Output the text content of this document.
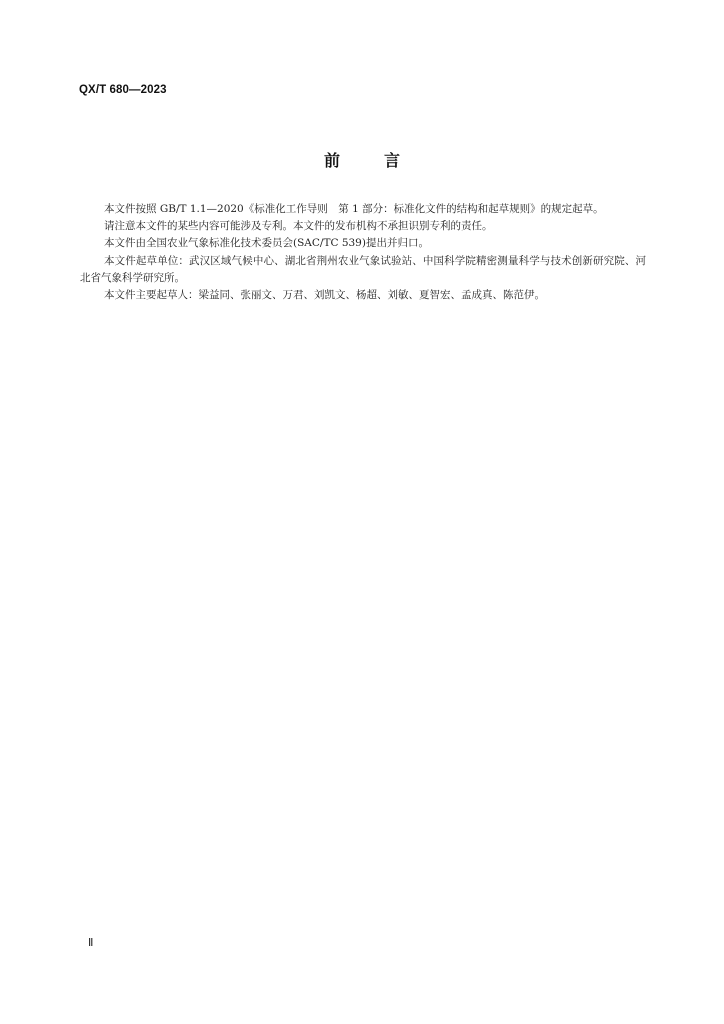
QX/T 680—2023
前	言

本文件按照 GB/T 1.1—2020《标准化工作导则　第 1 部分：标准化文件的结构和起草规则》的规定起草。

请注意本文件的某些内容可能涉及专利。本文件的发布机构不承担识别专利的责任。

本文件由全国农业气象标准化技术委员会(SAC/TC 539)提出并归口。

本文件起草单位：武汉区域气候中心、湖北省荆州农业气象试验站、中国科学院精密测量科学与技术创新研究院、河北省气象科学研究所。

本文件主要起草人：梁益同、张丽文、万君、刘凯文、杨超、刘敏、夏智宏、孟成真、陈范伊。

Ⅱ
